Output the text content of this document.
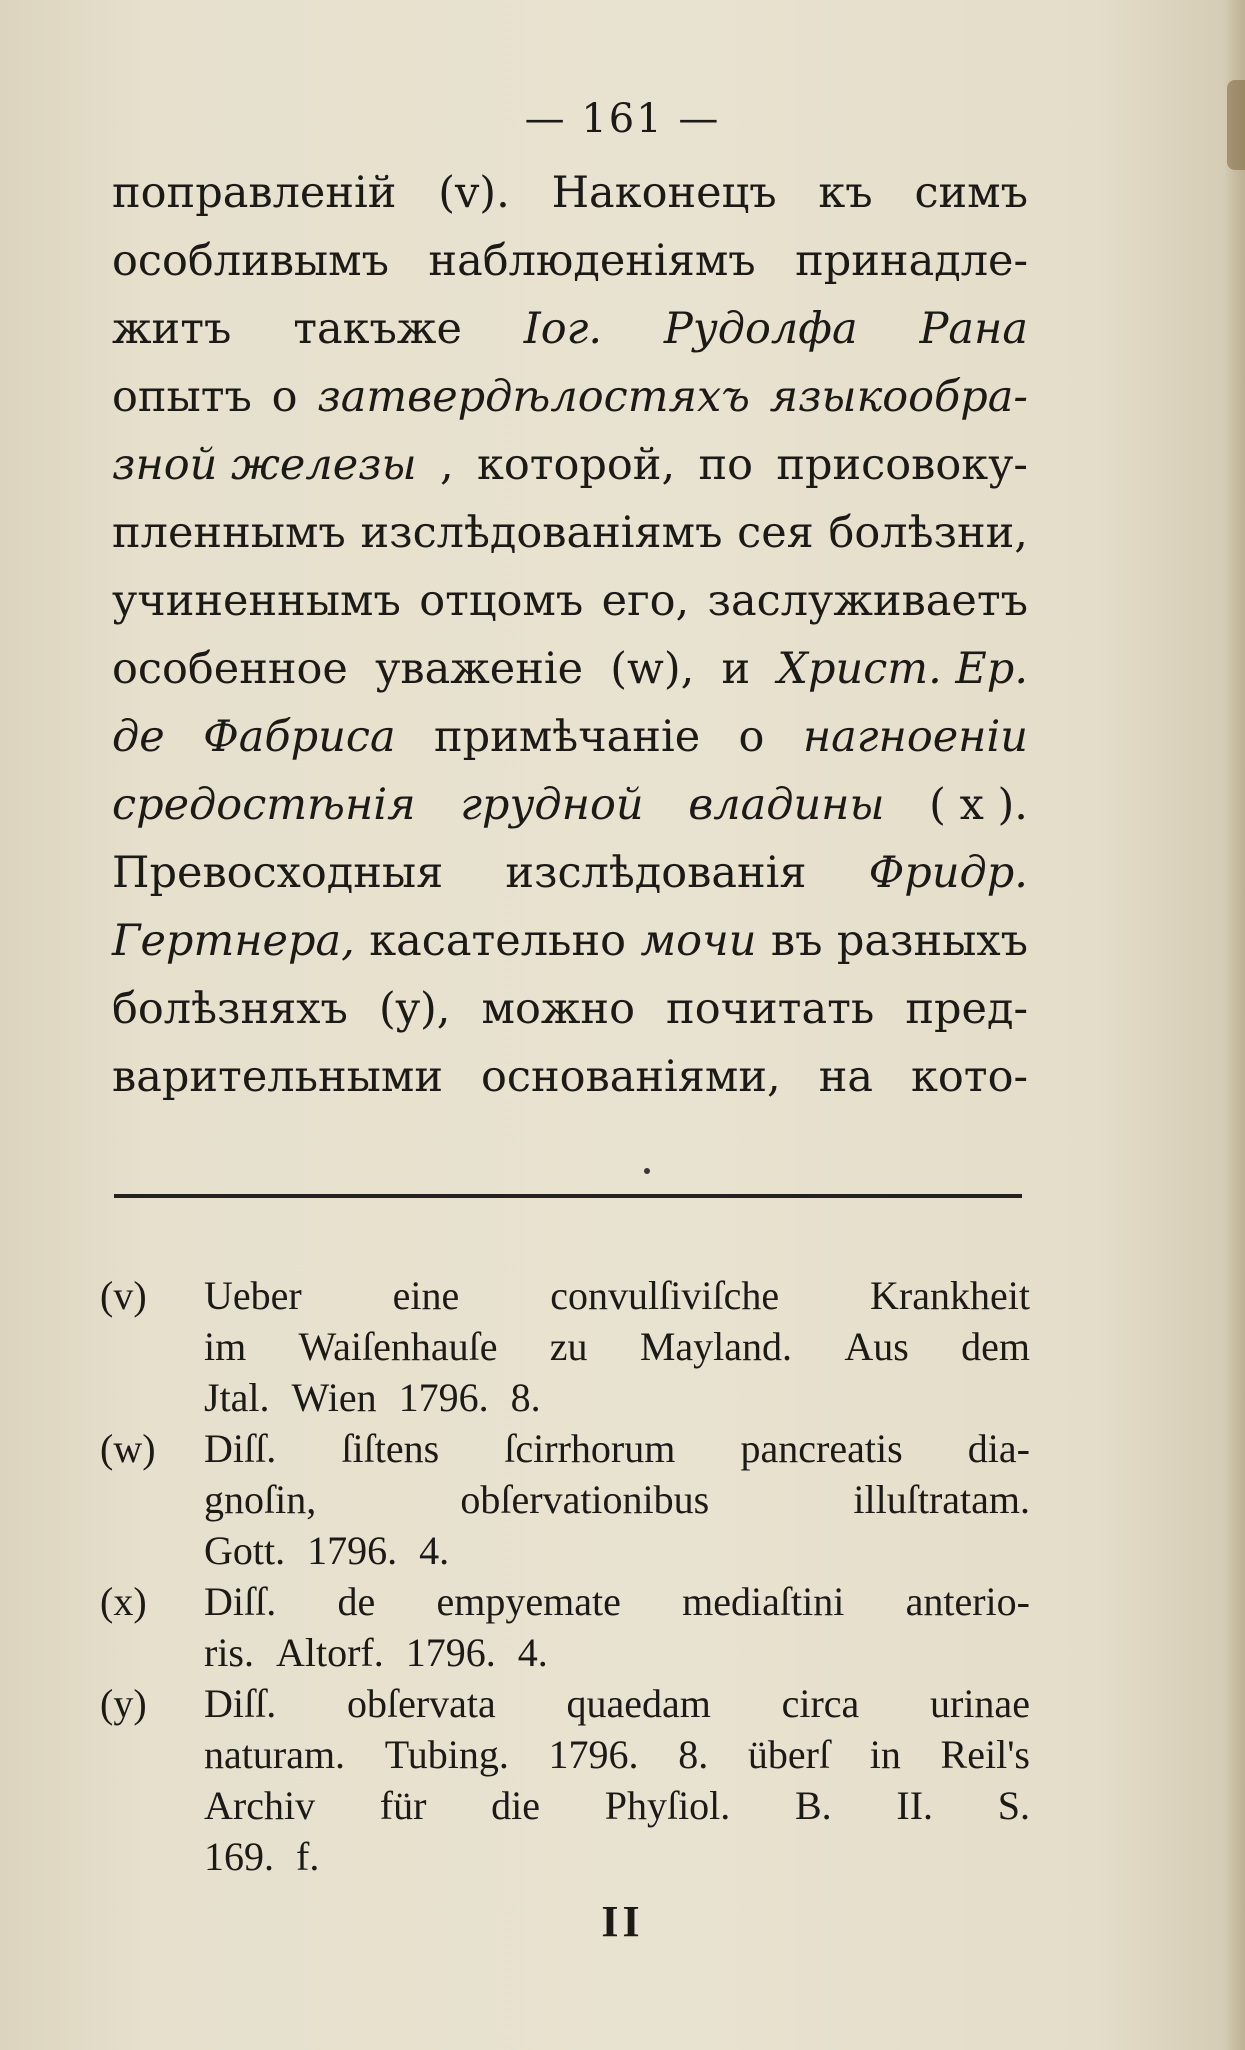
— 161 —
поправленій (v). Наконецъ къ симъ
особливымъ наблюденіямъ принадле-
житъ такъже Іог. Рудолфа Рана
опытъ о затвердѣлостяхъ языкообра-
зной железы , которой, по присовоку-
пленнымъ изслѣдованіямъ сея болѣзни,
учиненнымъ отцомъ его, заслуживаетъ
особенное уваженіе (w), и Христ. Ер.
де Фабриса примѣчаніе о нагноеніи
средостѣнія грудной владины ( x ).
Превосходныя изслѣдованія Фридр.
Гертнера, касательно мочи въ разныхъ
болѣзняхъ (y), можно почитать пред-
варительными основаніями, на кото-
(v)	Ueber eine convulſiviſche Krankheit
im Waiſenhauſe zu Mayland. Aus dem
Jtal. Wien 1796. 8.
(w)	Diſſ. ſiſtens ſcirrhorum pancreatis dia-
gnoſin,	obſervationibus	illuſtratam.
Gott. 1796. 4.
(x)	Diſſ. de empyemate mediaſtini anterio-
ris. Altorf. 1796. 4.
(y)	Diſſ. obſervata quaedam circa urinae
naturam. Tubing. 1796. 8. überſ in Reil's
Archiv für die Phyſiol. B. II. S.
169. f.
II
